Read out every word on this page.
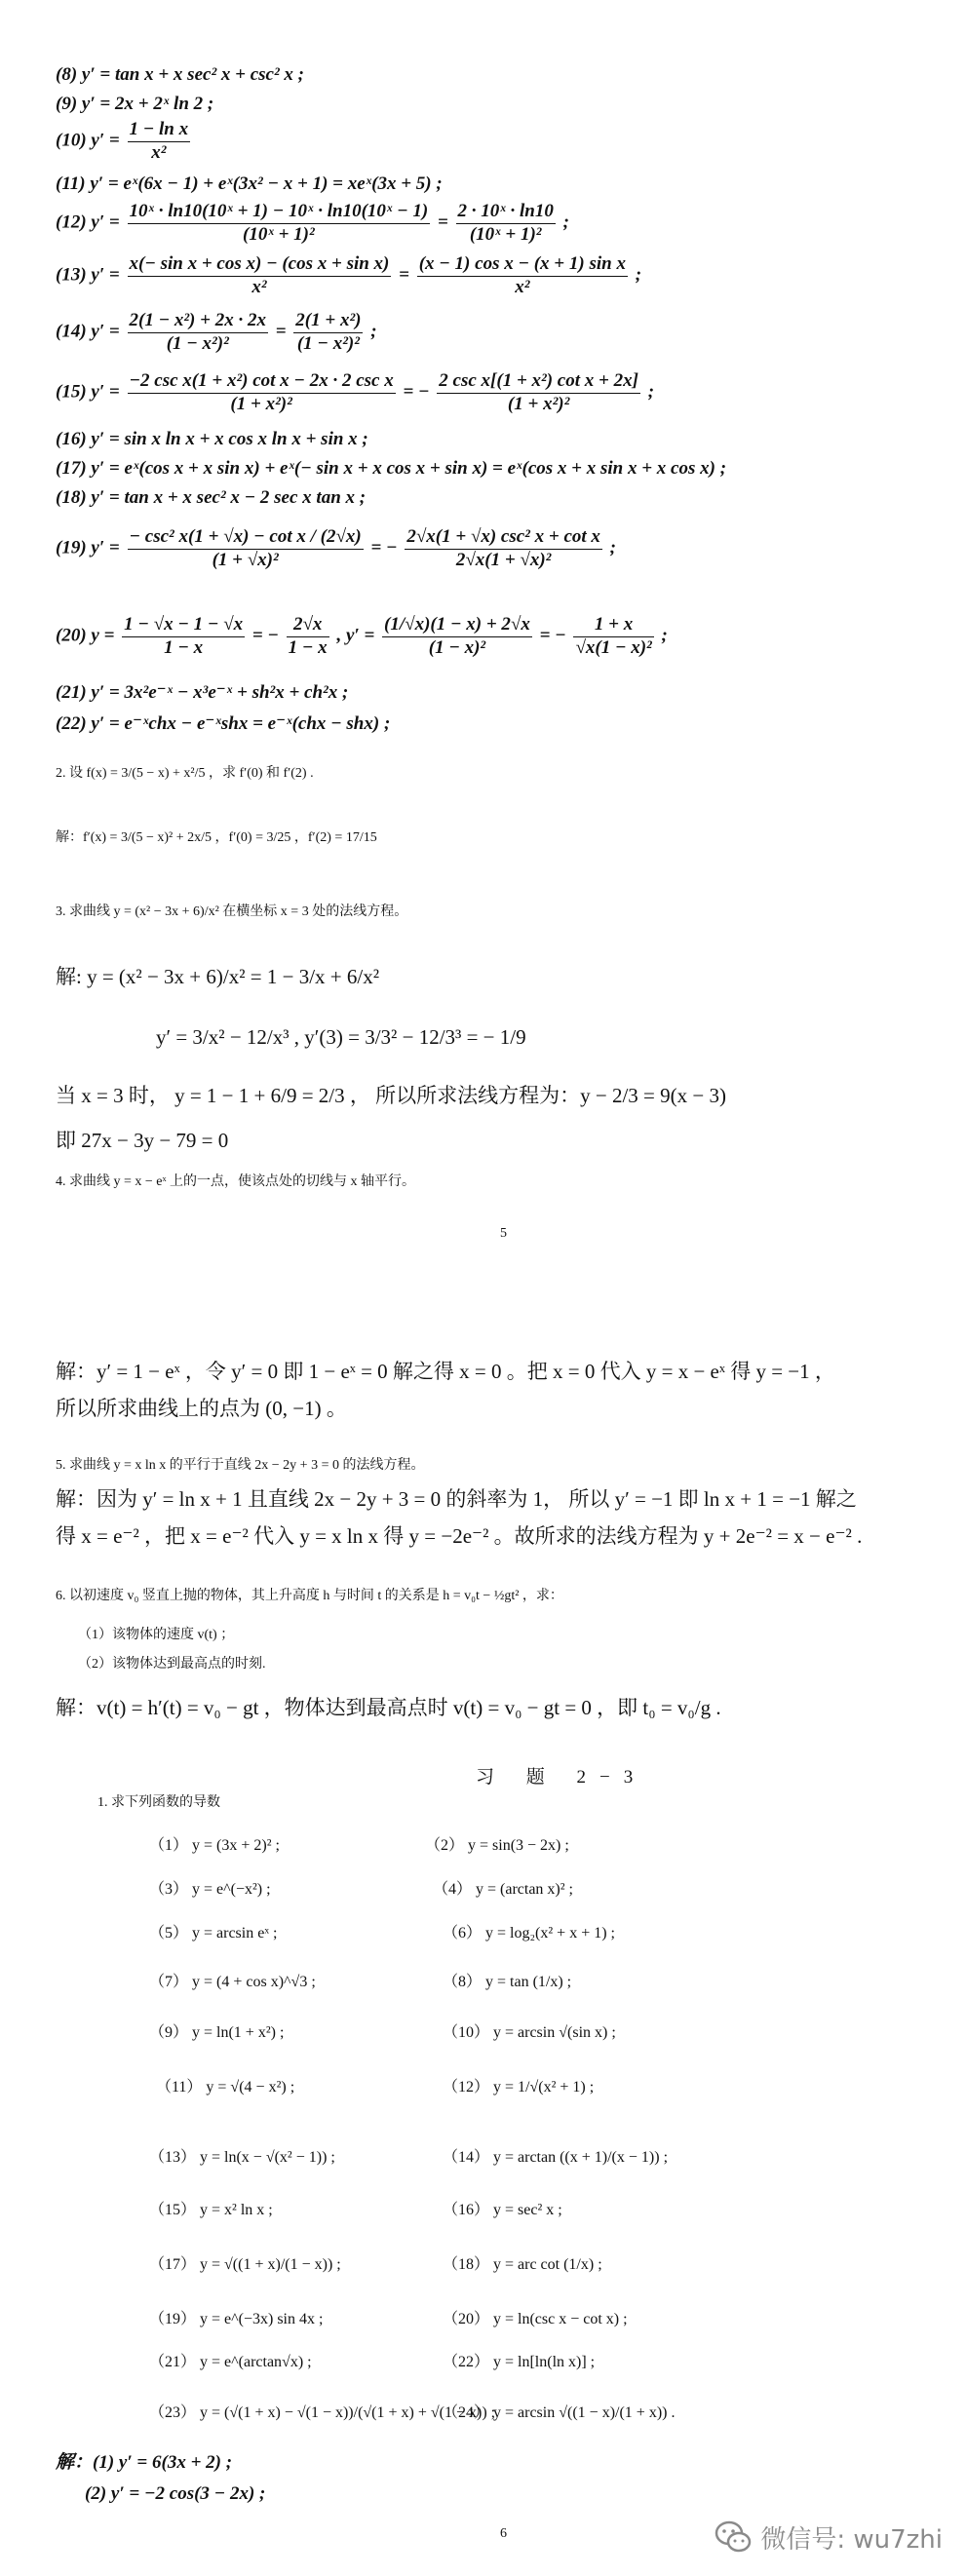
(8) y′ = tan x + x sec² x + csc² x ;
(9) y′ = 2x + 2ˣ ln 2 ;
(10) $y' = \frac{\text{1 − ln x}}{\text{x²}}$
(11) y′ = eˣ(6x − 1) + eˣ(3x² − x + 1) = xeˣ(3x + 5) ;
(12) $y' = \frac{\text{10ˣ · ln10(10ˣ + 1) − 10ˣ · ln10(10ˣ − 1)}}{\text{(10ˣ + 1)²}} = \frac{\text{2 · 10ˣ · ln10}}{\text{(10ˣ + 1)²}}$ ;
(13) $y' = \frac{\text{x(− sin x + cos x) − (cos x + sin x)}}{\text{x²}} = \frac{\text{(x − 1) cos x − (x + 1) sin x}}{\text{x²}}$ ;
(14) $y' = \frac{\text{2(1 − x²) + 2x · 2x}}{\text{(1 − x²)²}} = \frac{\text{2(1 + x²)}}{\text{(1 − x²)²}}$ ;
(15) y′ =
−2 csc x(1 + x²) cot x − 2x · 2 csc x
(1 + x²)²
= −
2 csc x[(1 + x²) cot x + 2x]
(1 + x²)²
;
(16) y′ = sin x ln x + x cos x ln x + sin x ;
(17) y′ = eˣ(cos x + x sin x) + eˣ(− sin x + x cos x + sin x) = eˣ(cos x + x sin x + x cos x) ;
(18) y′ = tan x + x sec² x − 2 sec x tan x ;
(19) y′ =
− csc² x(1 + √x) − cot x / (2√x)
(1 + √x)²
= −
2√x(1 + √x) csc² x + cot x
2√x(1 + √x)²
;
(20) $y = \frac{1 - √x - 1 - √x}{1 - x}$ = − $\frac{2√x}{1 - x}$ , $y' = \frac{(1/√x)(1 - x) + 2√x}{\text{(1 − x)²}}$ = − $\frac{1 + x}{\text{√x(1 − x)²}}$ ;
(21) y′ = 3x²e⁻ˣ − x³e⁻ˣ + sh²x + ch²x ;
(22) y′ = e⁻ˣchx − e⁻ˣshx = e⁻ˣ(chx − shx) ;
2. 设 f(x) = 3/(5 − x) + x²/5 ，求 f′(0) 和 f′(2) .
解：f′(x) = 3/(5 − x)² + 2x/5 ，f′(0) = 3/25 ，f′(2) = 17/15
3. 求曲线 y = (x² − 3x + 6)/x² 在横坐标 x = 3 处的法线方程。
解: y = (x² − 3x + 6)/x² = 1 − 3/x + 6/x²
y′ = 3/x² − 12/x³ , y′(3) = 3/3² − 12/3³ = − 1/9
当 x = 3 时， y = 1 − 1 + 6/9 = 2/3 ， 所以所求法线方程为：y − 2/3 = 9(x − 3)
即 27x − 3y − 79 = 0
4. 求曲线 y = x − eˣ 上的一点，使该点处的切线与 x 轴平行。
5
解：y′ = 1 − eˣ ，令 y′ = 0 即 1 − eˣ = 0 解之得 x = 0 。把 x = 0 代入 y = x − eˣ 得 y = −1 ，
所以所求曲线上的点为 (0, −1) 。
5. 求曲线 y = x ln x 的平行于直线 2x − 2y + 3 = 0 的法线方程。
解：因为 y′ = ln x + 1 且直线 2x − 2y + 3 = 0 的斜率为 1， 所以 y′ = −1 即 ln x + 1 = −1 解之
得 x = e⁻² ，把 x = e⁻² 代入 y = x ln x 得 y = −2e⁻² 。故所求的法线方程为 y + 2e⁻² = x − e⁻² .
6. 以初速度 v₀ 竖直上抛的物体，其上升高度 h 与时间 t 的关系是 h = v₀t − ½gt² ，求：
（1）该物体的速度 v(t) ；
（2）该物体达到最高点的时刻.
解：v(t) = h′(t) = v₀ − gt ，物体达到最高点时 v(t) = v₀ − gt = 0 ，即 t₀ = v₀/g .
习 题 2−3
1. 求下列函数的导数
（1） y = (3x + 2)² ;	（2） y = sin(3 − 2x) ;
（3） y = e^(−x²) ;	（4） y = (arctan x)² ;
（5） y = arcsin eˣ ;	（6） y = log₂(x² + x + 1) ;
（7） y = (4 + cos x)^√3 ;	（8） y = tan (1/x) ;
（9） y = ln(1 + x²) ;	（10） y = arcsin √(sin x) ;
（11） y = √(4 − x²) ;	（12） y = 1/√(x² + 1) ;
（13） y = ln(x − √(x² − 1)) ;	（14） y = arctan ((x + 1)/(x − 1)) ;
（15） y = x² ln x ;	（16） y = sec² x ;
（17） y = √((1 + x)/(1 − x)) ;	（18） y = arc cot (1/x) ;
（19） y = e^(−3x) sin 4x ;	（20） y = ln(csc x − cot x) ;
（21） y = e^(arctan√x) ;	（22） y = ln[ln(ln x)] ;
（23） y = (√(1 + x) − √(1 − x))/(√(1 + x) + √(1 − x)) ;
（24） y = arcsin √((1 − x)/(1 + x)) .
解：(1) y′ = 6(3x + 2) ;
(2) y′ = −2 cos(3 − 2x) ;
6	微信号: wu7zhi
